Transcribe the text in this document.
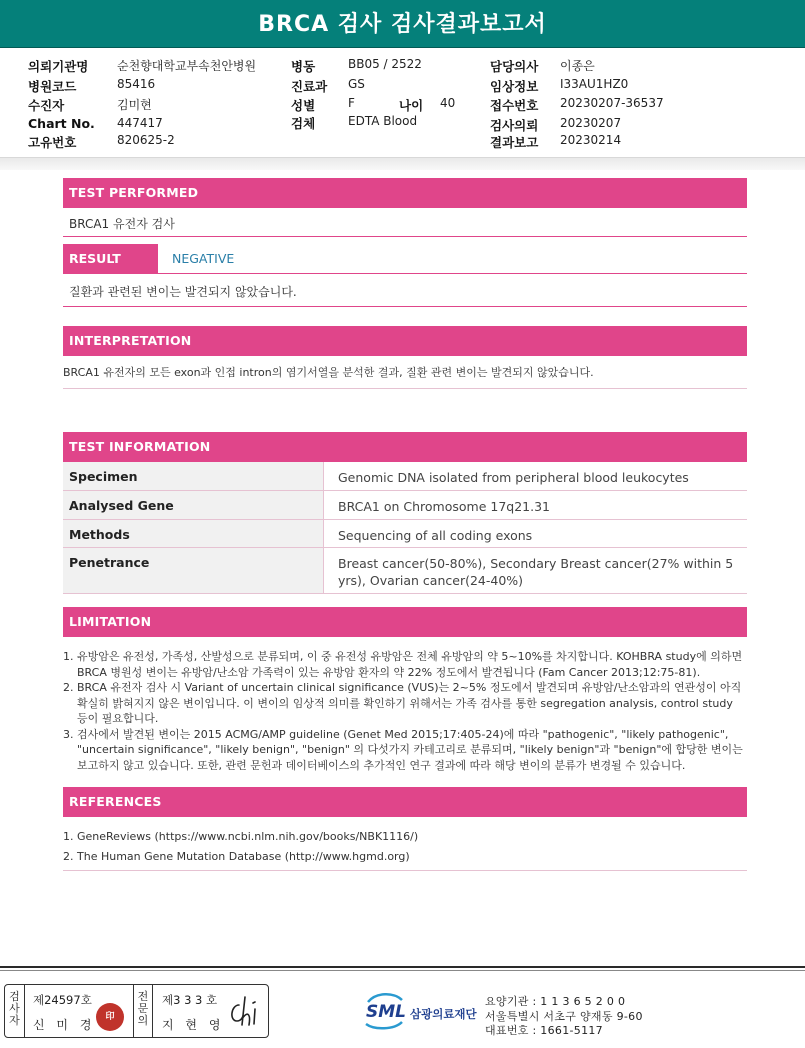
BRCA 검사 검사결과보고서
의뢰기관명 순천향대학교부속천안병원
병원코드	85416
수진자	김미현
Chart No. 447417
고유번호	820625-2
병동	BB05 / 2522
진료과 GS
성별	F	나이 40
검체	EDTA Blood
담당의사 이종은
임상정보 I33AU1HZ0
접수번호 20230207-36537
검사의뢰 20230207
결과보고 20230214
TEST PERFORMED
BRCA1 유전자 검사
RESULT	NEGATIVE
질환과 관련된 변이는 발견되지 않았습니다.
INTERPRETATION
BRCA1 유전자의 모든 exon과 인접 intron의 염기서열을 분석한 결과, 질환 관련 변이는 발견되지 않았습니다.
TEST INFORMATION
Specimen	Genomic DNA isolated from peripheral blood leukocytes
Analysed Gene	BRCA1 on Chromosome 17q21.31
Methods	Sequencing of all coding exons
Penetrance	Breast cancer(50-80%), Secondary Breast cancer(27% within 5 yrs), Ovarian cancer(24-40%)
LIMITATION
1. 유방암은 유전성, 가족성, 산발성으로 분류되며, 이 중 유전성 유방암은 전체 유방암의 약 5~10%를 차지합니다. KOHBRA study에 의하면 BRCA 병원성 변이는 유방암/난소암 가족력이 있는 유방암 환자의 약 22% 정도에서 발견됩니다 (Fam Cancer 2013;12:75-81).
2. BRCA 유전자 검사 시 Variant of uncertain clinical significance (VUS)는 2~5% 정도에서 발견되며 유방암/난소암과의 연관성이 아직 확실히 밝혀지지 않은 변이입니다. 이 변이의 임상적 의미를 확인하기 위해서는 가족 검사를 통한 segregation analysis, control study 등이 필요합니다.
3. 검사에서 발견된 변이는 2015 ACMG/AMP guideline (Genet Med 2015;17:405-24)에 따라 "pathogenic", "likely pathogenic", "uncertain significance", "likely benign", "benign" 의 다섯가지 카테고리로 분류되며, "likely benign"과 "benign"에 합당한 변이는 보고하지 않고 있습니다. 또한, 관련 문헌과 데이터베이스의 추가적인 연구 결과에 따라 해당 변이의 분류가 변경될 수 있습니다.
REFERENCES
1. GeneReviews (https://www.ncbi.nlm.nih.gov/books/NBK1116/)
2. The Human Gene Mutation Database (http://www.hgmd.org)
검사자
제24597호
신 미 경
전문의
제3 3 3 호
지 현 영
印	SML 삼광의료재단
요양기관 : 1 1 3 6 5 2 0 0
서울특별시 서초구 양재동 9-60
대표번호 : 1661-5117
